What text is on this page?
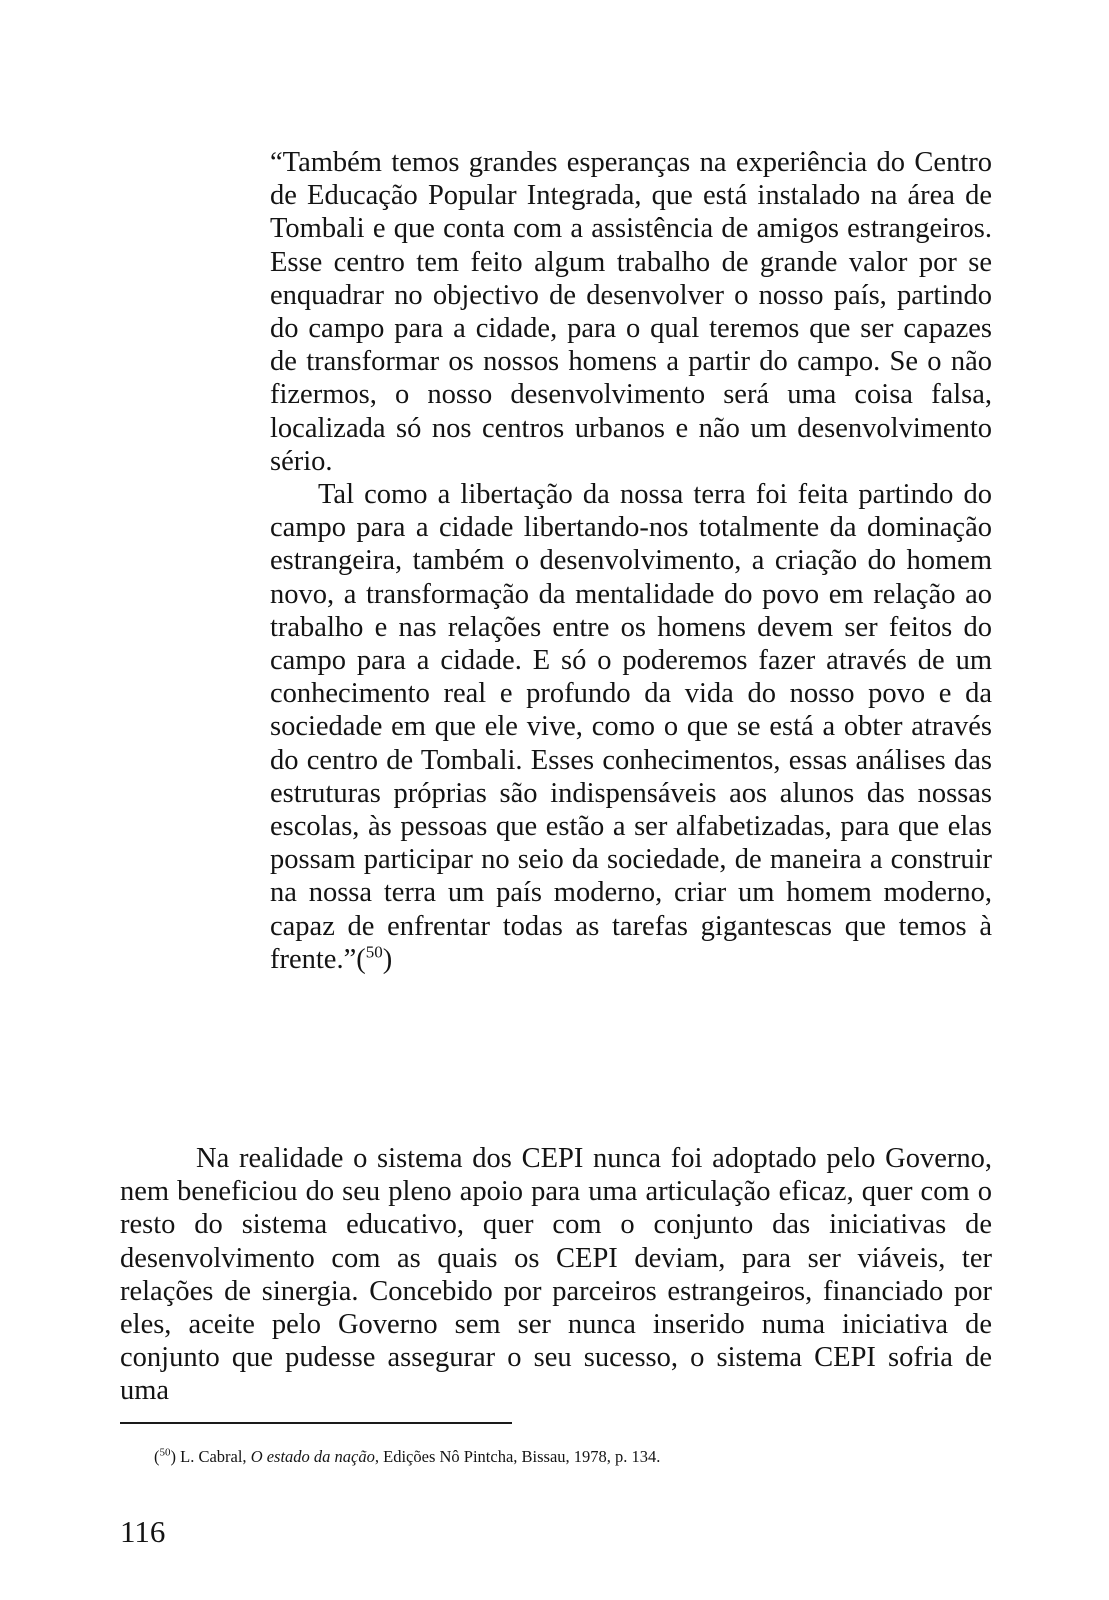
“Também temos grandes esperanças na experiência do Centro de Educação Popular Integrada, que está instalado na área de Tombali e que conta com a assistência de amigos estrangeiros. Esse centro tem feito algum trabalho de grande valor por se enquadrar no objectivo de desenvolver o nosso país, partindo do campo para a cidade, para o qual teremos que ser capazes de transformar os nossos homens a partir do campo. Se o não fizermos, o nosso desenvolvimento será uma coisa falsa, localizada só nos centros urbanos e não um desenvolvimento sério.

Tal como a libertação da nossa terra foi feita partindo do campo para a cidade libertando-nos totalmente da dominação estrangeira, também o desenvolvimento, a criação do homem novo, a transformação da mentalidade do povo em relação ao trabalho e nas relações entre os homens devem ser feitos do campo para a cidade. E só o poderemos fazer através de um conhecimento real e profundo da vida do nosso povo e da sociedade em que ele vive, como o que se está a obter através do centro de Tombali. Esses conhecimentos, essas análises das estruturas próprias são indispensáveis aos alunos das nossas escolas, às pessoas que estão a ser alfabetizadas, para que elas possam participar no seio da sociedade, de maneira a construir na nossa terra um país moderno, criar um homem moderno, capaz de enfrentar todas as tarefas gigantescas que temos à frente.”($^{50}$)

Na realidade o sistema dos CEPI nunca foi adoptado pelo Governo, nem beneficiou do seu pleno apoio para uma articulação eficaz, quer com o resto do sistema educativo, quer com o conjunto das iniciativas de desenvolvimento com as quais os CEPI deviam, para ser viáveis, ter relações de sinergia. Concebido por parceiros estrangeiros, financiado por eles, aceite pelo Governo sem ser nunca inserido numa iniciativa de conjunto que pudesse assegurar o seu sucesso, o sistema CEPI sofria de uma

($^{50}$) L. Cabral, O estado da nação, Edições Nô Pintcha, Bissau, 1978, p. 134.
116
